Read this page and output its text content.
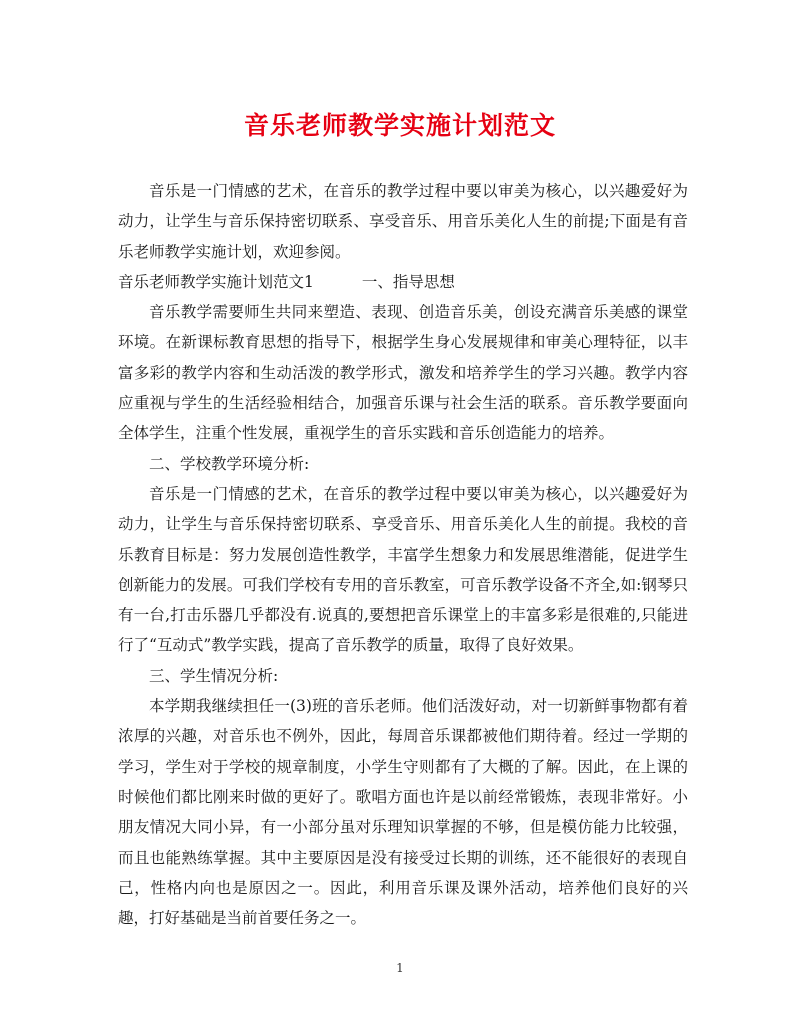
音乐老师教学实施计划范文

音乐是一门情感的艺术，在音乐的教学过程中要以审美为核心，以兴趣爱好为动力，让学生与音乐保持密切联系、享受音乐、用音乐美化人生的前提;下面是有音乐老师教学实施计划，欢迎参阅。

音乐老师教学实施计划范文1	一、指导思想

音乐教学需要师生共同来塑造、表现、创造音乐美，创设充满音乐美感的课堂环境。在新课标教育思想的指导下，根据学生身心发展规律和审美心理特征，以丰富多彩的教学内容和生动活泼的教学形式，激发和培养学生的学习兴趣。教学内容应重视与学生的生活经验相结合，加强音乐课与社会生活的联系。音乐教学要面向全体学生，注重个性发展，重视学生的音乐实践和音乐创造能力的培养。

二、学校教学环境分析:

音乐是一门情感的艺术，在音乐的教学过程中要以审美为核心，以兴趣爱好为动力，让学生与音乐保持密切联系、享受音乐、用音乐美化人生的前提。我校的音乐教育目标是：努力发展创造性教学，丰富学生想象力和发展思维潜能，促进学生创新能力的发展。可我们学校有专用的音乐教室，可音乐教学设备不齐全,如:钢琴只有一台,打击乐器几乎都没有.说真的,要想把音乐课堂上的丰富多彩是很难的,只能进行了“互动式”教学实践，提高了音乐教学的质量，取得了良好效果。

三、学生情况分析:

本学期我继续担任一(3)班的音乐老师。他们活泼好动，对一切新鲜事物都有着浓厚的兴趣，对音乐也不例外，因此，每周音乐课都被他们期待着。经过一学期的学习，学生对于学校的规章制度，小学生守则都有了大概的了解。因此，在上课的时候他们都比刚来时做的更好了。歌唱方面也许是以前经常锻炼，表现非常好。小朋友情况大同小异，有一小部分虽对乐理知识掌握的不够，但是模仿能力比较强，而且也能熟练掌握。其中主要原因是没有接受过长期的训练，还不能很好的表现自己，性格内向也是原因之一。因此，利用音乐课及课外活动，培养他们良好的兴趣，打好基础是当前首要任务之一。

1
